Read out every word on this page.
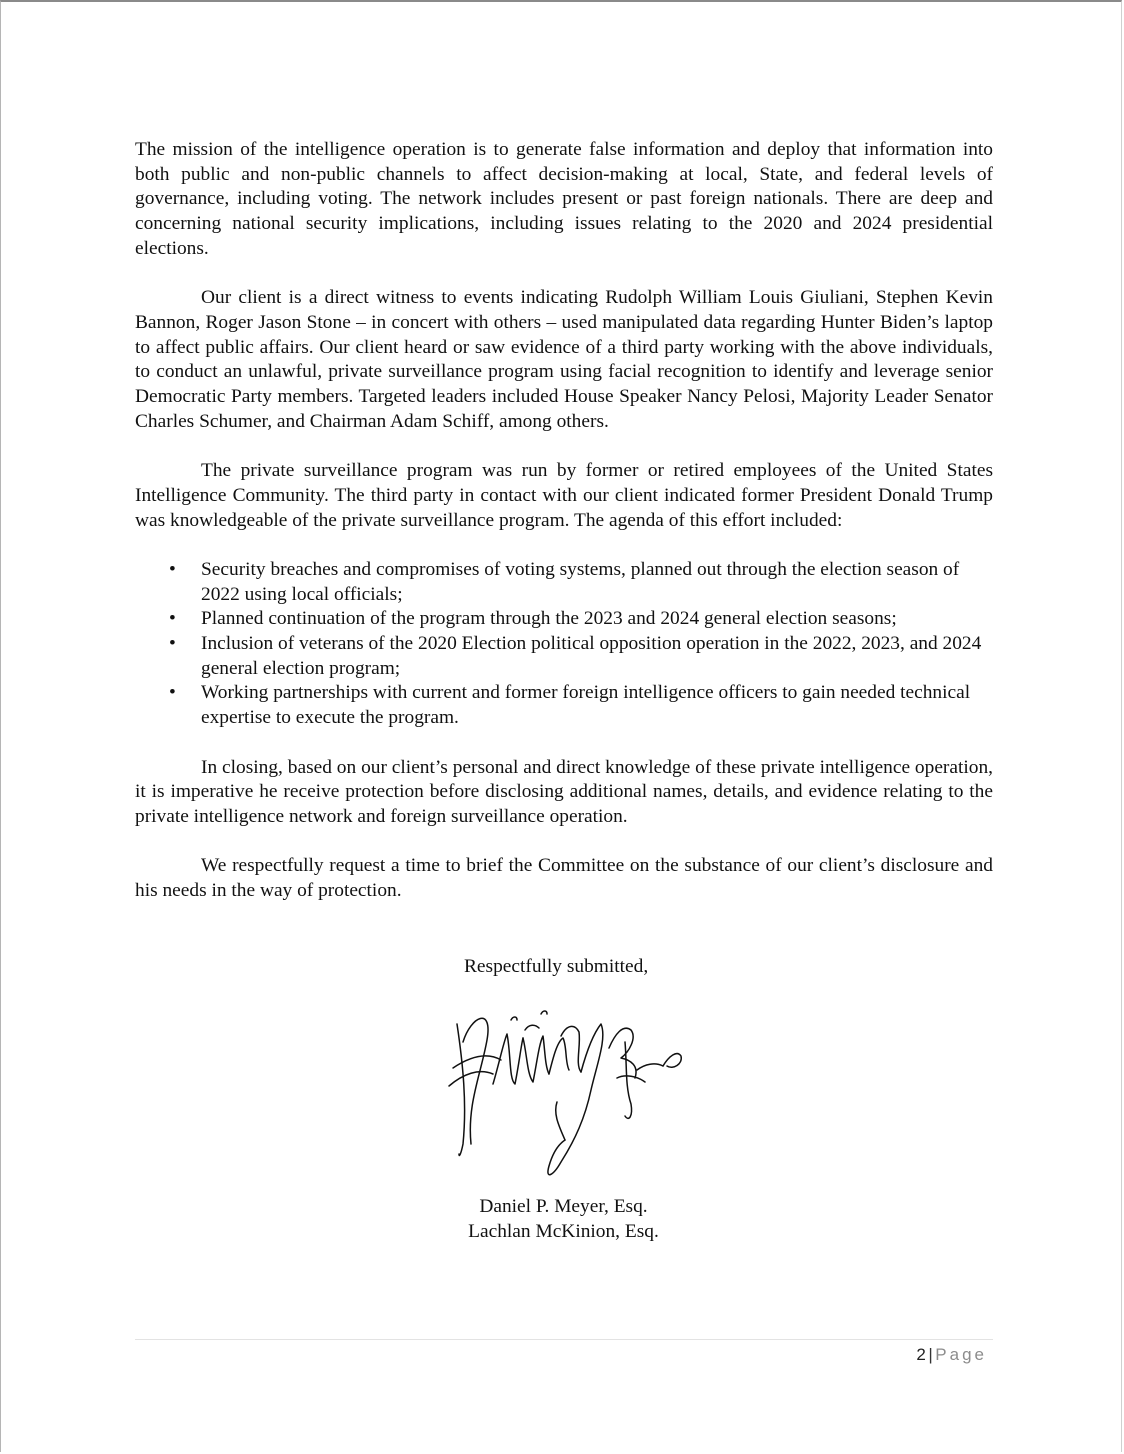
The mission of the intelligence operation is to generate false information and deploy that information into both public and non-public channels to affect decision-making at local, State, and federal levels of governance, including voting. The network includes present or past foreign nationals. There are deep and concerning national security implications, including issues relating to the 2020 and 2024 presidential elections.

Our client is a direct witness to events indicating Rudolph William Louis Giuliani, Stephen Kevin Bannon, Roger Jason Stone – in concert with others – used manipulated data regarding Hunter Biden’s laptop to affect public affairs. Our client heard or saw evidence of a third party working with the above individuals, to conduct an unlawful, private surveillance program using facial recognition to identify and leverage senior Democratic Party members. Targeted leaders included House Speaker Nancy Pelosi, Majority Leader Senator Charles Schumer, and Chairman Adam Schiff, among others.

The private surveillance program was run by former or retired employees of the United States Intelligence Community. The third party in contact with our client indicated former President Donald Trump was knowledgeable of the private surveillance program. The agenda of this effort included:

• Security breaches and compromises of voting systems, planned out through the election season of 2022 using local officials;
• Planned continuation of the program through the 2023 and 2024 general election seasons;
• Inclusion of veterans of the 2020 Election political opposition operation in the 2022, 2023, and 2024 general election program;
• Working partnerships with current and former foreign intelligence officers to gain needed technical expertise to execute the program.

In closing, based on our client’s personal and direct knowledge of these private intelligence operation, it is imperative he receive protection before disclosing additional names, details, and evidence relating to the private intelligence network and foreign surveillance operation.

We respectfully request a time to brief the Committee on the substance of our client’s disclosure and his needs in the way of protection.

Respectfully submitted,
Daniel P. Meyer, Esq.
Lachlan McKinion, Esq.
2 | Page
